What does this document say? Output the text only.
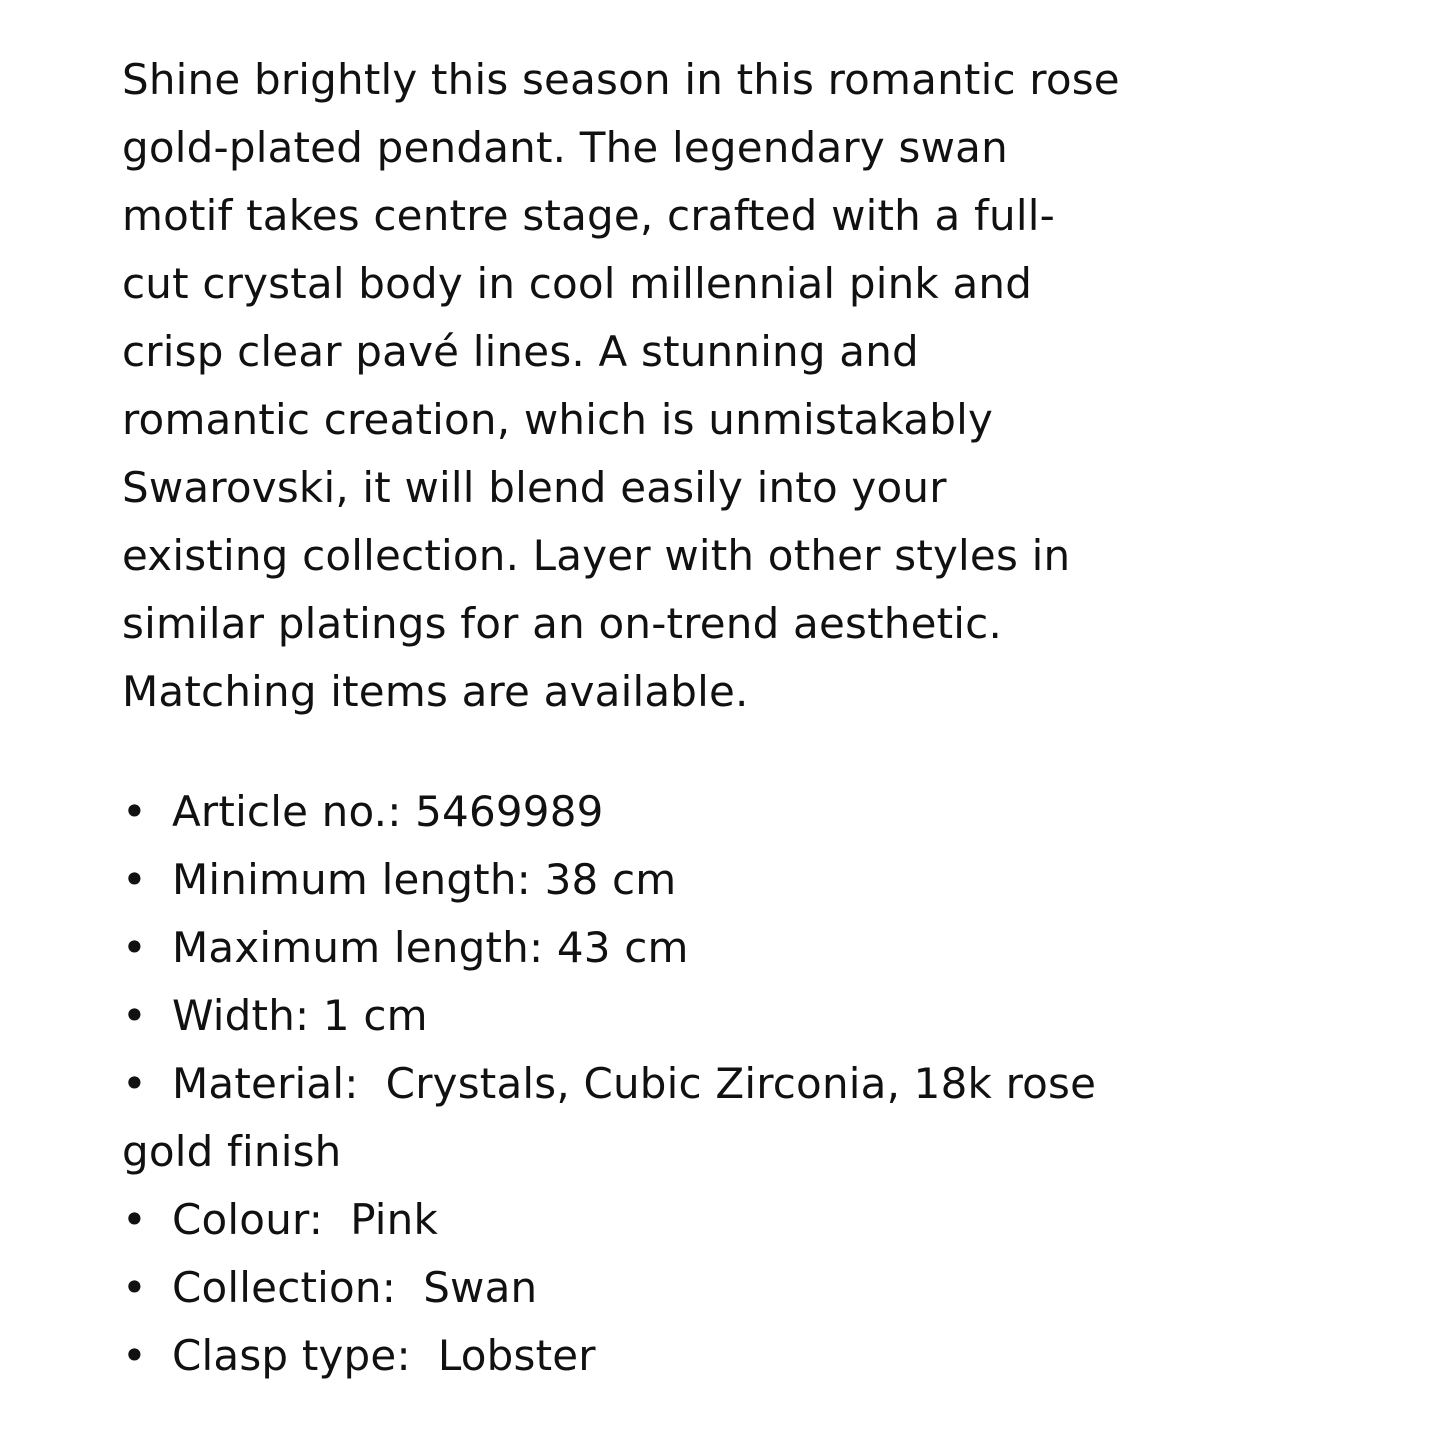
Shine brightly this season in this romantic rose
gold-plated pendant. The legendary swan
motif takes centre stage, crafted with a full-
cut crystal body in cool millennial pink and
crisp clear pavé lines. A stunning and
romantic creation, which is unmistakably
Swarovski, it will blend easily into your
existing collection. Layer with other styles in
similar platings for an on-trend aesthetic.
Matching items are available.

• Article no.: 5469989
• Minimum length: 38 cm
• Maximum length: 43 cm
• Width: 1 cm
• Material:  Crystals, Cubic Zirconia, 18k rose
gold finish
• Colour:  Pink
• Collection:  Swan
• Clasp type:  Lobster
